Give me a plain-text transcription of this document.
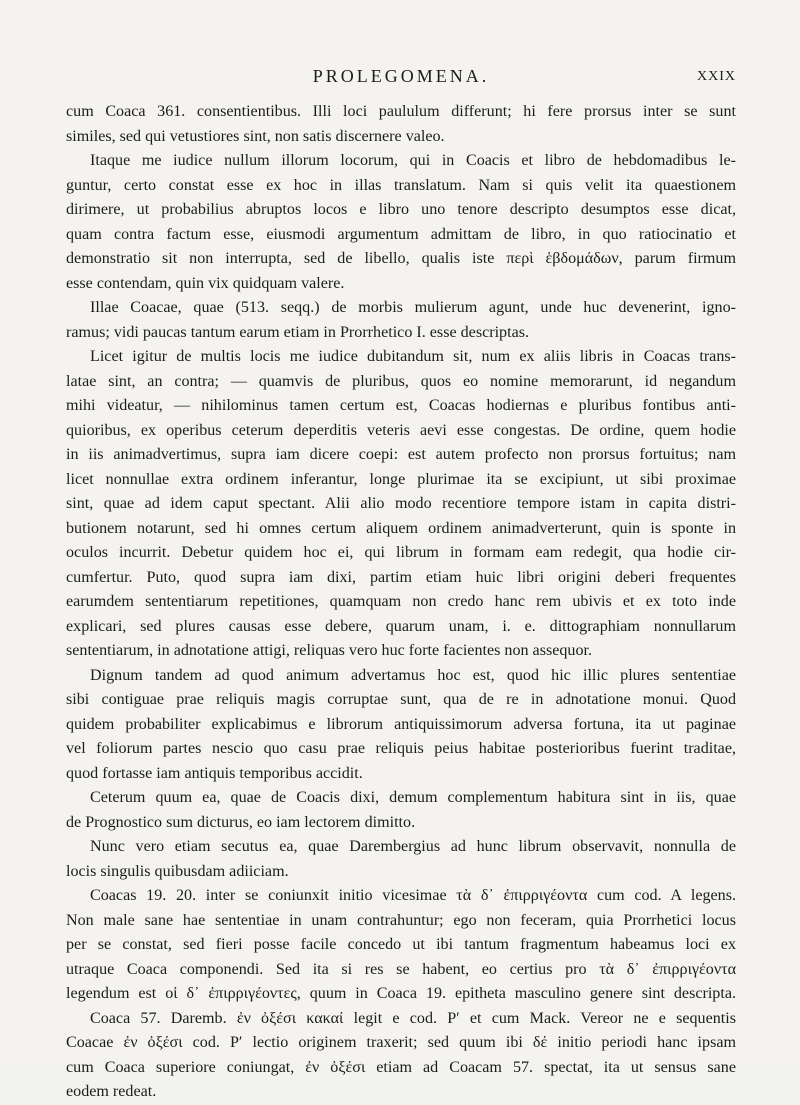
PROLEGOMENA.	XXIX

cum Coaca 361. consentientibus. Illi loci paululum differunt; hi fere prorsus inter se sunt

similes, sed qui vetustiores sint, non satis discernere valeo.

Itaque me iudice nullum illorum locorum, qui in Coacis et libro de hebdomadibus le-

guntur, certo constat esse ex hoc in illas translatum. Nam si quis velit ita quaestionem

dirimere, ut probabilius abruptos locos e libro uno tenore descripto desumptos esse dicat,

quam contra factum esse, eiusmodi argumentum admittam de libro, in quo ratiocinatio et

demonstratio sit non interrupta, sed de libello, qualis iste περὶ ἑβδομάδων, parum firmum

esse contendam, quin vix quidquam valere.

Illae Coacae, quae (513. seqq.) de morbis mulierum agunt, unde huc devenerint, igno-

ramus; vidi paucas tantum earum etiam in Prorrhetico I. esse descriptas.

Licet igitur de multis locis me iudice dubitandum sit, num ex aliis libris in Coacas trans-

latae sint, an contra; — quamvis de pluribus, quos eo nomine memorarunt, id negandum

mihi videatur, — nihilominus tamen certum est, Coacas hodiernas e pluribus fontibus anti-

quioribus, ex operibus ceterum deperditis veteris aevi esse congestas. De ordine, quem hodie

in iis animadvertimus, supra iam dicere coepi: est autem profecto non prorsus fortuitus; nam

licet nonnullae extra ordinem inferantur, longe plurimae ita se excipiunt, ut sibi proximae

sint, quae ad idem caput spectant. Alii alio modo recentiore tempore istam in capita distri-

butionem notarunt, sed hi omnes certum aliquem ordinem animadverterunt, quin is sponte in

oculos incurrit. Debetur quidem hoc ei, qui librum in formam eam redegit, qua hodie cir-

cumfertur. Puto, quod supra iam dixi, partim etiam huic libri origini deberi frequentes

earumdem sententiarum repetitiones, quamquam non credo hanc rem ubivis et ex toto inde

explicari, sed plures causas esse debere, quarum unam, i. e. dittographiam nonnullarum

sententiarum, in adnotatione attigi, reliquas vero huc forte facientes non assequor.

Dignum tandem ad quod animum advertamus hoc est, quod hic illic plures sententiae

sibi contiguae prae reliquis magis corruptae sunt, qua de re in adnotatione monui. Quod

quidem probabiliter explicabimus e librorum antiquissimorum adversa fortuna, ita ut paginae

vel foliorum partes nescio quo casu prae reliquis peius habitae posterioribus fuerint traditae,

quod fortasse iam antiquis temporibus accidit.

Ceterum quum ea, quae de Coacis dixi, demum complementum habitura sint in iis, quae

de Prognostico sum dicturus, eo iam lectorem dimitto.

Nunc vero etiam secutus ea, quae Darembergius ad hunc librum observavit, nonnulla de

locis singulis quibusdam adiiciam.

Coacas 19. 20. inter se coniunxit initio vicesimae τὰ δ᾽ ἐπιρριγέοντα cum cod. A legens.

Non male sane hae sententiae in unam contrahuntur; ego non feceram, quia Prorrhetici locus

per se constat, sed fieri posse facile concedo ut ibi tantum fragmentum habeamus loci ex

utraque Coaca componendi. Sed ita si res se habent, eo certius pro τὰ δ᾽ ἐπιρριγέοντα

legendum est οἱ δ᾽ ἐπιρριγέοντες, quum in Coaca 19. epitheta masculino genere sint descripta.

Coaca 57. Daremb. ἐν ὀξέσι κακαί legit e cod. P′ et cum Mack. Vereor ne e sequentis

Coacae ἐν ὀξέσι cod. P′ lectio originem traxerit; sed quum ibi δέ initio periodi hanc ipsam

cum Coaca superiore coniungat, ἐν ὀξέσι etiam ad Coacam 57. spectat, ita ut sensus sane

eodem redeat.
